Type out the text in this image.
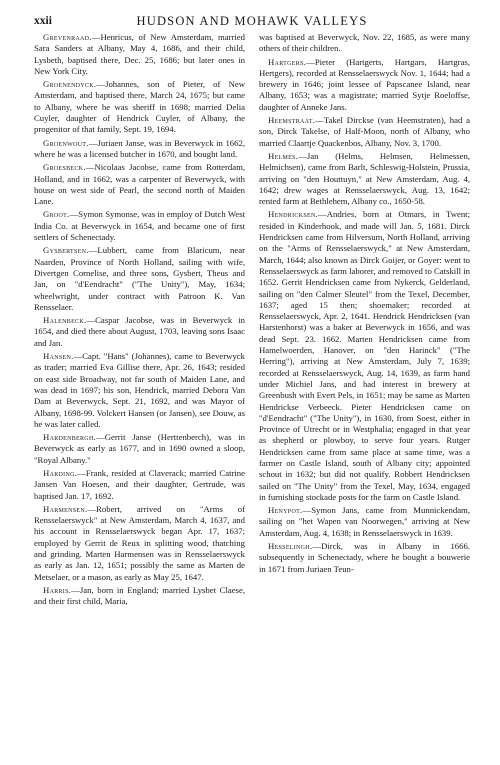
xxii	HUDSON AND MOHAWK VALLEYS

Grevenraad.—Henricus, of New Amsterdam, married Sara Sanders at Albany, May 4, 1686, and their child, Lysbeth, baptised there, Dec. 25, 1686; but later ones in New York City.

Groenendyck.—Johannes, son of Pieter, of New Amsterdam, and baptised there, March 24, 1675; but came to Albany, where he was sheriff in 1698; married Delia Cuyler, daughter of Hendrick Cuyler, of Albany, the progenitor of that family, Sept. 19, 1694.

Groenwout.—Juriaen Janse, was in Beverwyck in 1662, where he was a licensed butcher in 1670, and bought land.

Groesbeck.—Nicolaas Jacobse, came from Rotterdam, Holland, and in 1662, was a carpenter of Beverwyck, with house on west side of Pearl, the second north of Maiden Lane.

Groot.—Symon Symonse, was in employ of Dutch West India Co. at Beverwyck in 1654, and became one of first settlers of Schenectady.

Gysbertsen.—Lubbert, came from Blaricum, near Naarden, Province of North Holland, sailing with wife, Divertgen Cornelise, and three sons, Gysbert, Theus and Jan, on "d'Eendracht" ("The Unity"), May, 1634; wheelwright, under contract with Patroon K. Van Rensselaer.

Halenbeck.—Caspar Jacobse, was in Beverwyck in 1654, and died there about August, 1703, leaving sons Isaac and Jan.

Hansen.—Capt. "Hans" (Johannes), came to Beverwyck as trader; married Eva Gillise there, Apr. 26, 1643; resided on east side Broadway, not far south of Maiden Lane, and was dead in 1697; his son, Hendrick, married Debora Van Dam at Beverwyck, Sept. 21, 1692, and was Mayor of Albany, 1698-99. Volckert Hansen (or Jansen), see Douw, as he was later called.

Hardenbergh.—Gerrit Janse (Herttenberch), was in Beverwyck as early as 1677, and in 1690 owned a sloop, "Royal Albany."

Harding.—Frank, resided at Claverack; married Catrine Jansen Van Hoesen, and their daughter, Gertrude, was baptised Jan. 17, 1692.

Harmensen.—Robert, arrived on "Arms of Rensselaerswyck" at New Amsterdam, March 4, 1637, and his account in Rensselaerswyck began Apr. 17, 1637; employed by Gerrit de Reux in splitting wood, thatching and grinding. Marten Harmensen was in Rensselaerswyck as early as Jan. 12, 1651; possibly the same as Marten de Metselaer, or a mason, as early as May 25, 1647.

Harris.—Jan, born in England; married Lysbet Claese, and their first child, Maria,

was baptised at Beverwyck, Nov. 22, 1685, as were many others of their children.

Hartgers.—Pieter (Hartgerts, Hartgars, Hartgras, Hertgers), recorded at Rensselaerswyck Nov. 1, 1644; had a brewery in 1646; joint lessee of Papscanee Island, near Albany, 1653; was a magistrate; married Sytje Roeloffse, daughter of Anneke Jans.

Heemstraat.—Takel Dirckse (van Heemstraten), had a son, Dirck Takelse, of Half-Moon, north of Albany, who married Claartje Quackenbos, Albany, Nov. 3, 1700.

Helmes.—Jan (Helms, Helmsen, Helmessen, Helmichsen), came from Barlt, Schleswig-Holstein, Prussia, arriving on "den Houttuyn," at New Amsterdam, Aug. 4, 1642; drew wages at Rensselaerswyck, Aug. 13, 1642; rented farm at Bethlehem, Albany co., 1650-58.

Hendricksen.—Andries, born at Otmars, in Twent; resided in Kinderhook, and made will Jan. 5, 1681. Dirck Hendricksen came from Hilversum, North Holland, arriving on the "Arms of Rensselaerswyck," at New Amsterdam, March, 1644; also known as Dirck Goijer, or Goyer: went to Rensselaerswyck as farm laborer, and removed to Catskill in 1652. Gerrit Hendricksen came from Nykerck, Gelderland, sailing on "den Calmer Sleutel" from the Texel, December, 1637; aged 15 then; shoemaker; recorded at Rensselaerswyck, Apr. 2, 1641. Hendrick Hendricksen (van Harstenhorst) was a baker at Beverwyck in 1656, and was dead Sept. 23. 1662. Marten Hendricksen came from Hamelwoerden, Hanover, on "den Harinck" ("The Herring"), arriving at New Amsterdam, July 7, 1639; recorded at Rensselaerswyck, Aug. 14, 1639, as farm hand under Michiel Jans, and had interest in brewery at Greenbush with Evert Pels, in 1651; may be same as Marten Hendrickse Verbeeck. Pieter Hendricksen came on "d'Eendracht" ("The Unity"), in 1630, from Soest, either in Province of Utrecht or in Westphalia; engaged in that year as shepherd or plowboy, to serve four years. Rutger Hendricksen came from same place at same time, was a farmer on Castle Island, south of Albany city; appointed schout in 1632; but did not qualify. Robbert Hendricksen sailed on "The Unity" from the Texel, May, 1634, engaged in furnishing stockade posts for the farm on Castle Island.

Henypot.—Symon Jans, came from Munnickendam, sailing on "het Wapen van Noorwegen," arriving at New Amsterdam, Aug. 4, 1638; in Rensselaerswyck in 1639.

Hesselingh.—Dirck, was in Albany in 1666. subsequently in Schenectady, where he bought a bouwerie in 1671 from Juriaen Teun-
